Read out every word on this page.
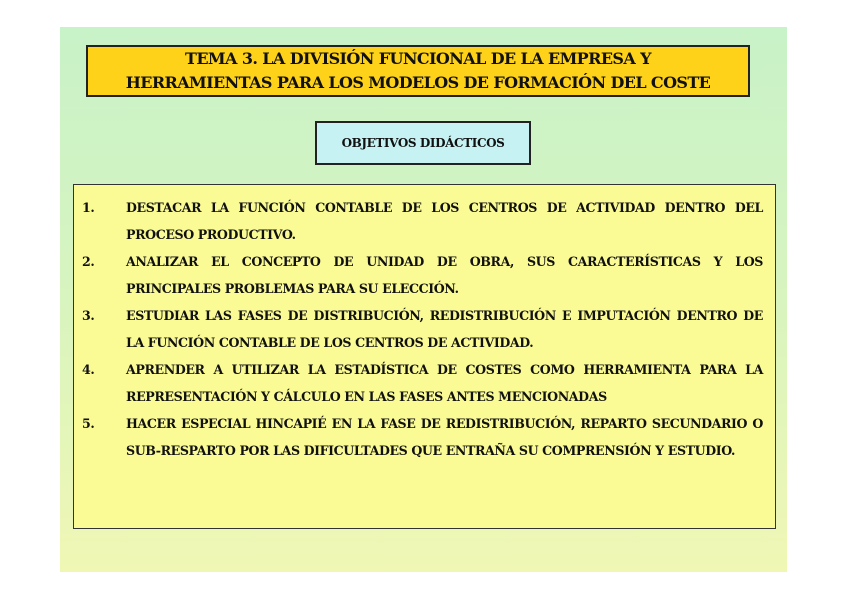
TEMA 3. LA DIVISIÓN FUNCIONAL DE LA EMPRESA Y
HERRAMIENTAS PARA LOS MODELOS DE FORMACIÓN DEL COSTE
OBJETIVOS DIDÁCTICOS
1.	DESTACAR LA FUNCIÓN CONTABLE DE LOS CENTROS DE ACTIVIDAD DENTRO DEL PROCESO PRODUCTIVO.
2.	ANALIZAR EL CONCEPTO DE UNIDAD DE OBRA, SUS CARACTERÍSTICAS Y LOS PRINCIPALES PROBLEMAS PARA SU ELECCIÓN.
3.	ESTUDIAR LAS FASES DE DISTRIBUCIÓN, REDISTRIBUCIÓN E IMPUTACIÓN DENTRO DE LA FUNCIÓN CONTABLE DE LOS CENTROS DE ACTIVIDAD.
4.	APRENDER A UTILIZAR LA ESTADÍSTICA DE COSTES COMO HERRAMIENTA PARA LA REPRESENTACIÓN Y CÁLCULO EN LAS FASES ANTES MENCIONADAS
5.	HACER ESPECIAL HINCAPIÉ EN LA FASE DE REDISTRIBUCIÓN, REPARTO SECUNDARIO O SUB-RESPARTO POR LAS DIFICULTADES QUE ENTRAÑA SU COMPRENSIÓN Y ESTUDIO.
